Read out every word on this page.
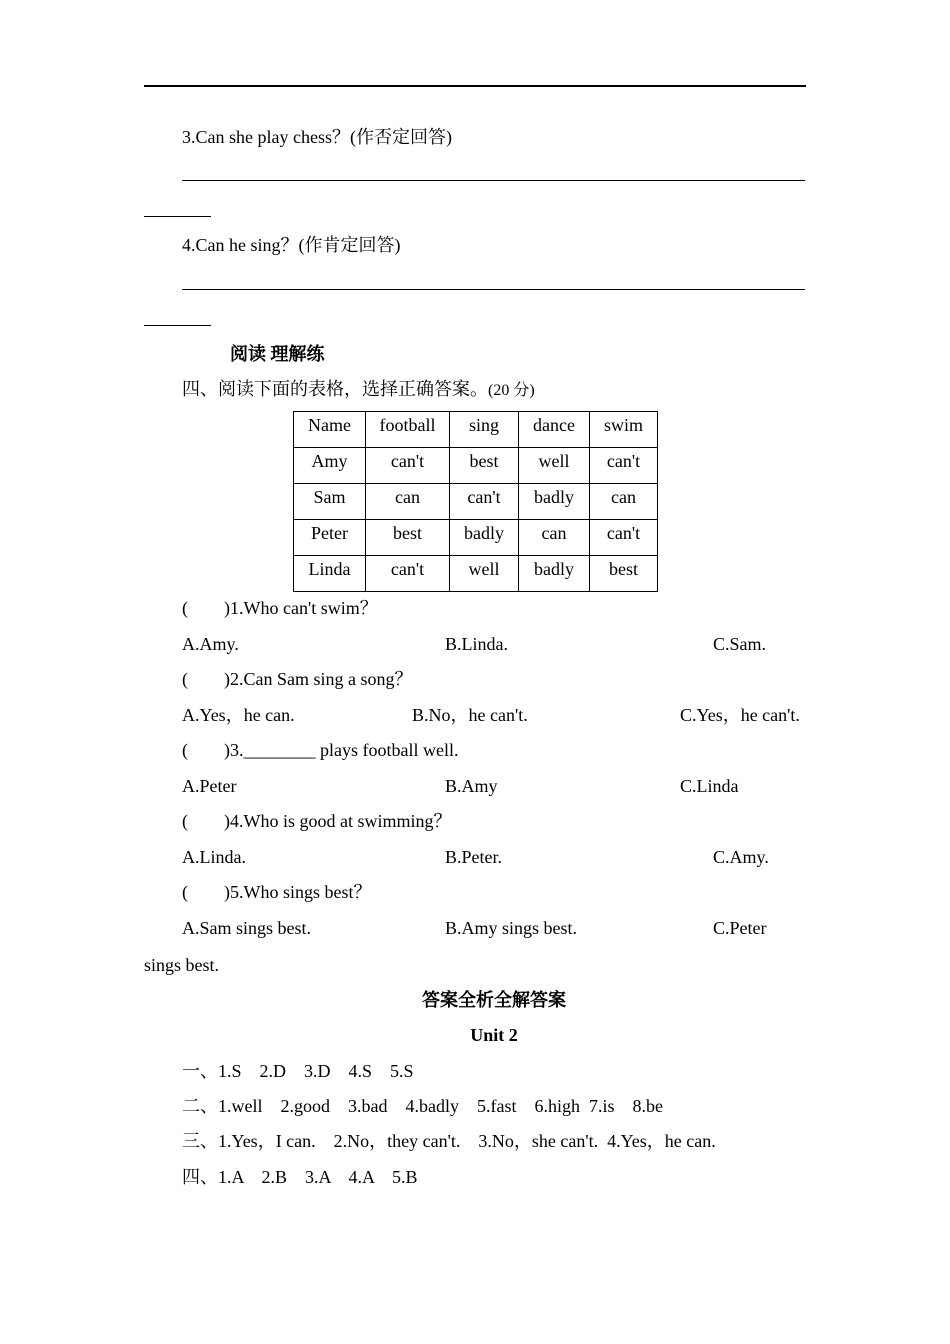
3.Can she play chess？(作否定回答)
4.Can he sing？(作肯定回答)
阅读 理解练
四、阅读下面的表格，选择正确答案。(20 分)
Name	football	sing	dance	swim
Amy	can't	best	well	can't
Sam	can	can't	badly	can
Peter	best	badly	can	can't
Linda	can't	well	badly	best
(        )1.Who can't swim？
A.Amy.	B.Linda.	C.Sam.
(        )2.Can Sam sing a song？
A.Yes，he can.	B.No，he can't.	C.Yes，he can't.
(        )3.________ plays football well.
A.Peter	B.Amy	C.Linda
(        )4.Who is good at swimming？
A.Linda.	B.Peter.	C.Amy.
(        )5.Who sings best？
A.Sam sings best.	B.Amy sings best.	C.Peter
sings best.
答案全析全解答案
Unit 2
一、1.S　2.D　3.D　4.S　5.S
二、1.well　2.good　3.bad　4.badly　5.fast　6.high  7.is　8.be
三、1.Yes，I can.　2.No，they can't.　3.No，she can't.  4.Yes，he can.
四、1.A　2.B　3.A　4.A　5.B
